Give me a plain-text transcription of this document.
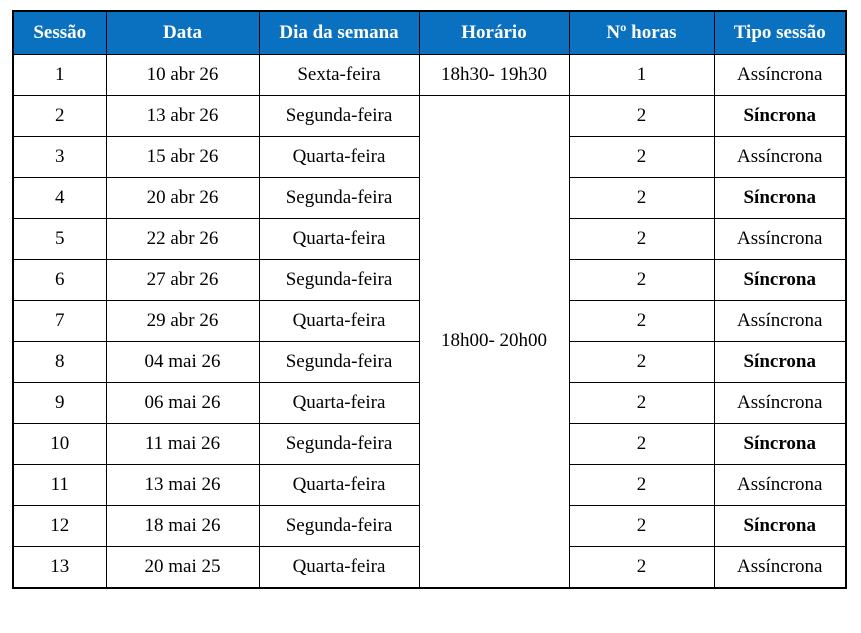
Sessão	Data	Dia da semana	Horário	Nº horas	Tipo sessão
1	10 abr 26	Sexta-feira	18h30- 19h30	1	Assíncrona
2	13 abr 26	Segunda-feira	18h00- 20h00	2	Síncrona
3	15 abr 26	Quarta-feira		2	Assíncrona
4	20 abr 26	Segunda-feira		2	Síncrona
5	22 abr 26	Quarta-feira		2	Assíncrona
6	27 abr 26	Segunda-feira		2	Síncrona
7	29 abr 26	Quarta-feira		2	Assíncrona
8	04 mai 26	Segunda-feira		2	Síncrona
9	06 mai 26	Quarta-feira		2	Assíncrona
10	11 mai 26	Segunda-feira		2	Síncrona
11	13 mai 26	Quarta-feira		2	Assíncrona
12	18 mai 26	Segunda-feira		2	Síncrona
13	20 mai 25	Quarta-feira		2	Assíncrona
